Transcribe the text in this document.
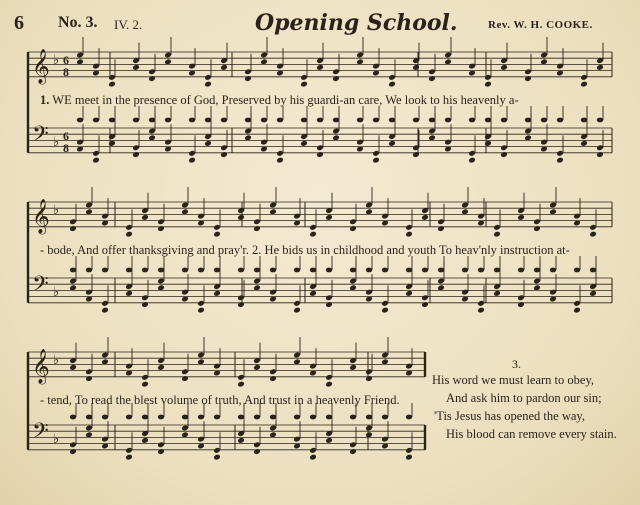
6 No. 3. IV. 2.	Opening School.	Rev. W. H. COOKE.
𝄞 ♭ 6
8
𝄢 ♭ 6
8
𝄞 ♭
𝄢 ♭
𝄞 ♭
𝄢 ♭
1. WE meet in the presence of God, Preserved by his guardi-an care, We look to his heavenly a-
- bode, And offer thanksgiving and pray'r. 2. He bids us in childhood and youth To heav'nly instruction at-
- tend, To read the blest volume of truth, And trust in a heavenly Friend.
3.
His word we must learn to obey,
And ask him to pardon our sin;
'Tis Jesus has opened the way,
His blood can remove every stain.
